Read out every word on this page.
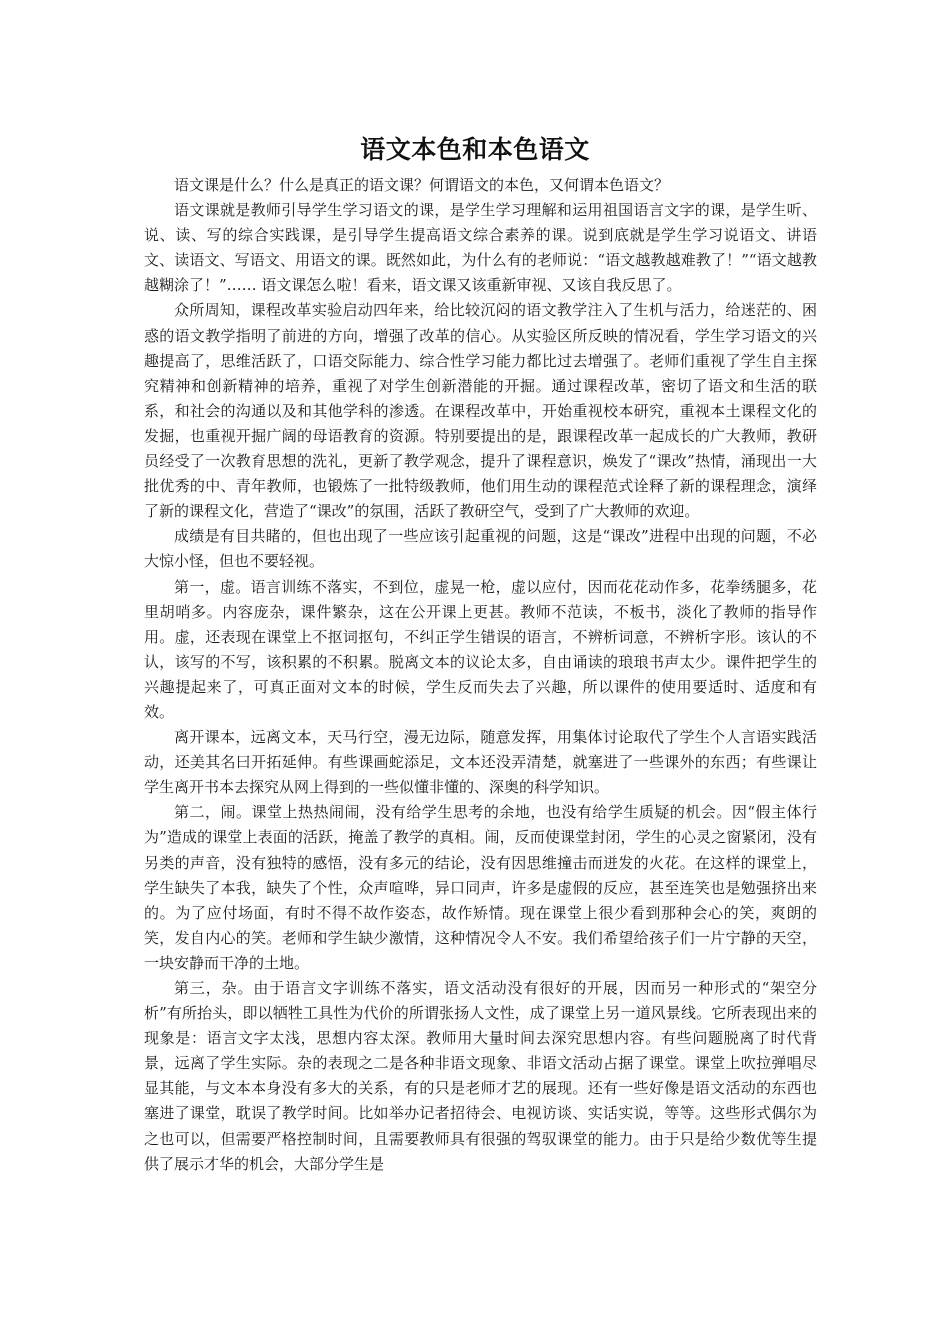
语文本色和本色语文

语文课是什么？什么是真正的语文课？何谓语文的本色，又何谓本色语文？

语文课就是教师引导学生学习语文的课，是学生学习理解和运用祖国语言文字的课，是学生听、说、读、写的综合实践课，是引导学生提高语文综合素养的课。说到底就是学生学习说语文、讲语文、读语文、写语文、用语文的课。既然如此，为什么有的老师说：“语文越教越难教了！”“语文越教越糊涂了！”…… 语文课怎么啦！看来，语文课又该重新审视、又该自我反思了。

众所周知，课程改革实验启动四年来，给比较沉闷的语文教学注入了生机与活力，给迷茫的、困惑的语文教学指明了前进的方向，增强了改革的信心。从实验区所反映的情况看，学生学习语文的兴趣提高了，思维活跃了，口语交际能力、综合性学习能力都比过去增强了。老师们重视了学生自主探究精神和创新精神的培养，重视了对学生创新潜能的开掘。通过课程改革，密切了语文和生活的联系，和社会的沟通以及和其他学科的渗透。在课程改革中，开始重视校本研究，重视本土课程文化的发掘，也重视开掘广阔的母语教育的资源。特别要提出的是，跟课程改革一起成长的广大教师，教研员经受了一次教育思想的洗礼，更新了教学观念，提升了课程意识，焕发了“课改”热情，涌现出一大批优秀的中、青年教师，也锻炼了一批特级教师，他们用生动的课程范式诠释了新的课程理念，演绎了新的课程文化，营造了“课改”的氛围，活跃了教研空气，受到了广大教师的欢迎。

成绩是有目共睹的，但也出现了一些应该引起重视的问题，这是“课改”进程中出现的问题，不必大惊小怪，但也不要轻视。

第一，虚。语言训练不落实，不到位，虚晃一枪，虚以应付，因而花花动作多，花拳绣腿多，花里胡哨多。内容庞杂，课件繁杂，这在公开课上更甚。教师不范读，不板书，淡化了教师的指导作用。虚，还表现在课堂上不抠词抠句，不纠正学生错误的语言，不辨析词意，不辨析字形。该认的不认，该写的不写，该积累的不积累。脱离文本的议论太多，自由诵读的琅琅书声太少。课件把学生的兴趣提起来了，可真正面对文本的时候，学生反而失去了兴趣，所以课件的使用要适时、适度和有效。

离开课本，远离文本，天马行空，漫无边际，随意发挥，用集体讨论取代了学生个人言语实践活动，还美其名曰开拓延伸。有些课画蛇添足，文本还没弄清楚，就塞进了一些课外的东西；有些课让学生离开书本去探究从网上得到的一些似懂非懂的、深奥的科学知识。

第二，闹。课堂上热热闹闹，没有给学生思考的余地，也没有给学生质疑的机会。因“假主体行为”造成的课堂上表面的活跃，掩盖了教学的真相。闹，反而使课堂封闭，学生的心灵之窗紧闭，没有另类的声音，没有独特的感悟，没有多元的结论，没有因思维撞击而迸发的火花。在这样的课堂上，学生缺失了本我，缺失了个性，众声喧哗，异口同声，许多是虚假的反应，甚至连笑也是勉强挤出来的。为了应付场面，有时不得不故作姿态，故作矫情。现在课堂上很少看到那种会心的笑，爽朗的笑，发自内心的笑。老师和学生缺少激情，这种情况令人不安。我们希望给孩子们一片宁静的天空，一块安静而干净的土地。

第三，杂。由于语言文字训练不落实，语文活动没有很好的开展，因而另一种形式的“架空分析”有所抬头，即以牺牲工具性为代价的所谓张扬人文性，成了课堂上另一道风景线。它所表现出来的现象是：语言文字太浅，思想内容太深。教师用大量时间去深究思想内容。有些问题脱离了时代背景，远离了学生实际。杂的表现之二是各种非语文现象、非语文活动占据了课堂。课堂上吹拉弹唱尽显其能，与文本本身没有多大的关系，有的只是老师才艺的展现。还有一些好像是语文活动的东西也塞进了课堂，耽误了教学时间。比如举办记者招待会、电视访谈、实话实说，等等。这些形式偶尔为之也可以，但需要严格控制时间，且需要教师具有很强的驾驭课堂的能力。由于只是给少数优等生提供了展示才华的机会，大部分学生是
